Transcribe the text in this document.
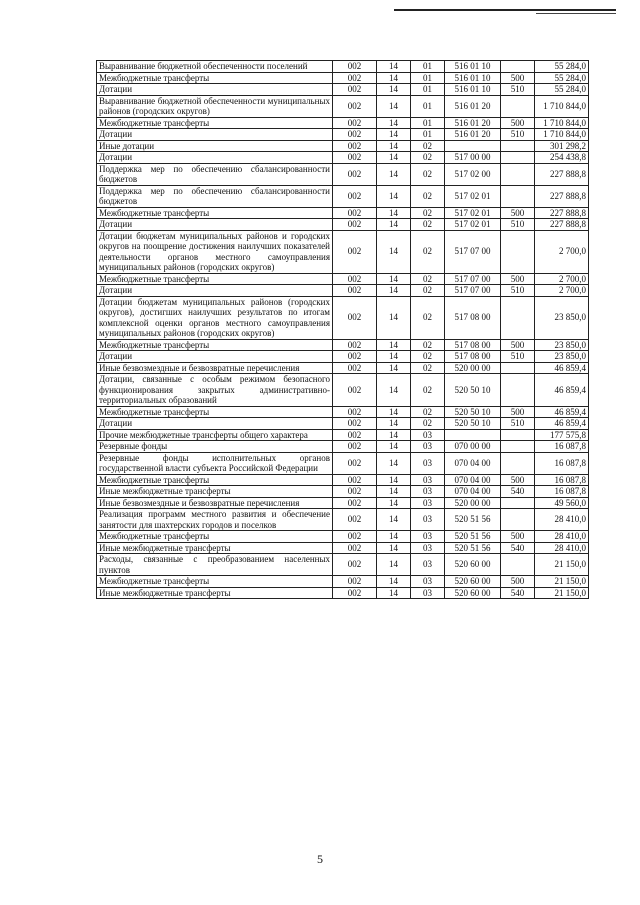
Выравнивание бюджетной обеспеченности поселений	002	14	01	516 01 10		55 284,0
Межбюджетные трансферты	002	14	01	516 01 10	500	55 284,0
Дотации	002	14	01	516 01 10	510	55 284,0
Выравнивание бюджетной обеспеченности муниципальных районов (городских округов)	002	14	01	516 01 20		1 710 844,0
Межбюджетные трансферты	002	14	01	516 01 20	500	1 710 844,0
Дотации	002	14	01	516 01 20	510	1 710 844,0
Иные дотации	002	14	02			301 298,2
Дотации	002	14	02	517 00 00		254 438,8
Поддержка мер по обеспечению сбалансированности бюджетов	002	14	02	517 02 00		227 888,8
Поддержка мер по обеспечению сбалансированности бюджетов	002	14	02	517 02 01		227 888,8
Межбюджетные трансферты	002	14	02	517 02 01	500	227 888,8
Дотации	002	14	02	517 02 01	510	227 888,8
Дотации бюджетам муниципальных районов и городских округов на поощрение достижения наилучших показателей деятельности органов местного самоуправления муниципальных районов (городских округов)	002	14	02	517 07 00		2 700,0
Межбюджетные трансферты	002	14	02	517 07 00	500	2 700,0
Дотации	002	14	02	517 07 00	510	2 700,0
Дотации бюджетам муниципальных районов (городских округов), достигших наилучших результатов по итогам комплексной оценки органов местного самоуправления муниципальных районов (городских округов)	002	14	02	517 08 00		23 850,0
Межбюджетные трансферты	002	14	02	517 08 00	500	23 850,0
Дотации	002	14	02	517 08 00	510	23 850,0
Иные безвозмездные и безвозвратные перечисления	002	14	02	520 00 00		46 859,4
Дотации, связанные с особым режимом безопасного функционирования закрытых административно-территориальных образований	002	14	02	520 50 10		46 859,4
Межбюджетные трансферты	002	14	02	520 50 10	500	46 859,4
Дотации	002	14	02	520 50 10	510	46 859,4
Прочие межбюджетные трансферты общего характера	002	14	03			177 575,8
Резервные фонды	002	14	03	070 00 00		16 087,8
Резервные фонды исполнительных органов государственной власти субъекта Российской Федерации	002	14	03	070 04 00		16 087,8
Межбюджетные трансферты	002	14	03	070 04 00	500	16 087,8
Иные межбюджетные трансферты	002	14	03	070 04 00	540	16 087,8
Иные безвозмездные и безвозвратные перечисления	002	14	03	520 00 00		49 560,0
Реализация программ местного развития и обеспечение занятости для шахтерских городов и поселков	002	14	03	520 51 56		28 410,0
Межбюджетные трансферты	002	14	03	520 51 56	500	28 410,0
Иные межбюджетные трансферты	002	14	03	520 51 56	540	28 410,0
Расходы, связанные с преобразованием населенных пунктов	002	14	03	520 60 00		21 150,0
Межбюджетные трансферты	002	14	03	520 60 00	500	21 150,0
Иные межбюджетные трансферты	002	14	03	520 60 00	540	21 150,0
5
